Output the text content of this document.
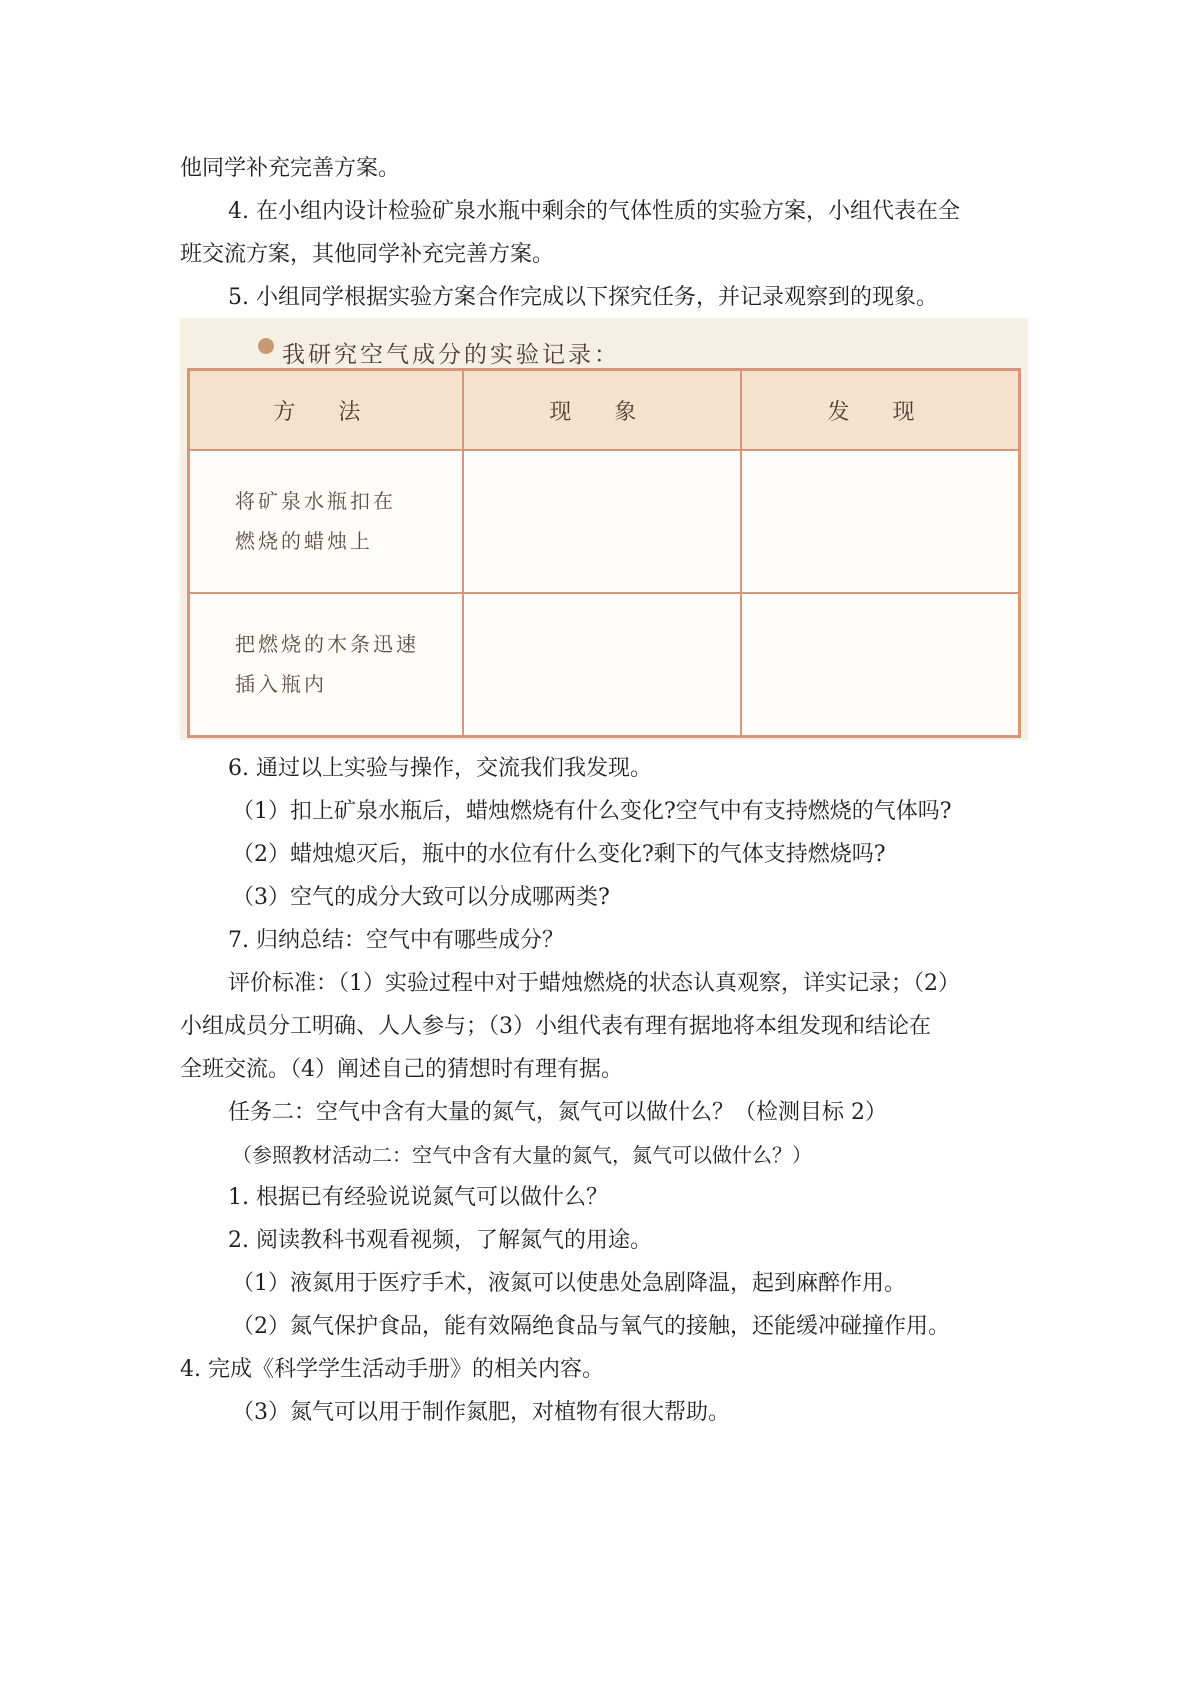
他同学补充完善方案。
4. 在小组内设计检验矿泉水瓶中剩余的气体性质的实验方案，小组代表在全
班交流方案，其他同学补充完善方案。
5. 小组同学根据实验方案合作完成以下探究任务，并记录观察到的现象。
我研究空气成分的实验记录：
方 法	现 象	发 现

将矿泉水瓶扣在
燃烧的蜡烛上		

把燃烧的木条迅速
插入瓶内		

6. 通过以上实验与操作，交流我们我发现。
（1）扣上矿泉水瓶后，蜡烛燃烧有什么变化?空气中有支持燃烧的气体吗?
（2）蜡烛熄灭后，瓶中的水位有什么变化?剩下的气体支持燃烧吗?
（3）空气的成分大致可以分成哪两类?
7. 归纳总结：空气中有哪些成分？
评价标准：（1）实验过程中对于蜡烛燃烧的状态认真观察，详实记录；（2）
小组成员分工明确、人人参与；（3）小组代表有理有据地将本组发现和结论在
全班交流。（4）阐述自己的猜想时有理有据。
任务二：空气中含有大量的氮气，氮气可以做什么？（检测目标 2）
（参照教材活动二：空气中含有大量的氮气，氮气可以做什么？）
1. 根据已有经验说说氮气可以做什么？
2. 阅读教科书观看视频，了解氮气的用途。
（1）液氮用于医疗手术，液氮可以使患处急剧降温，起到麻醉作用。
（2）氮气保护食品，能有效隔绝食品与氧气的接触，还能缓冲碰撞作用。
4. 完成《科学学生活动手册》的相关内容。
（3）氮气可以用于制作氮肥，对植物有很大帮助。
